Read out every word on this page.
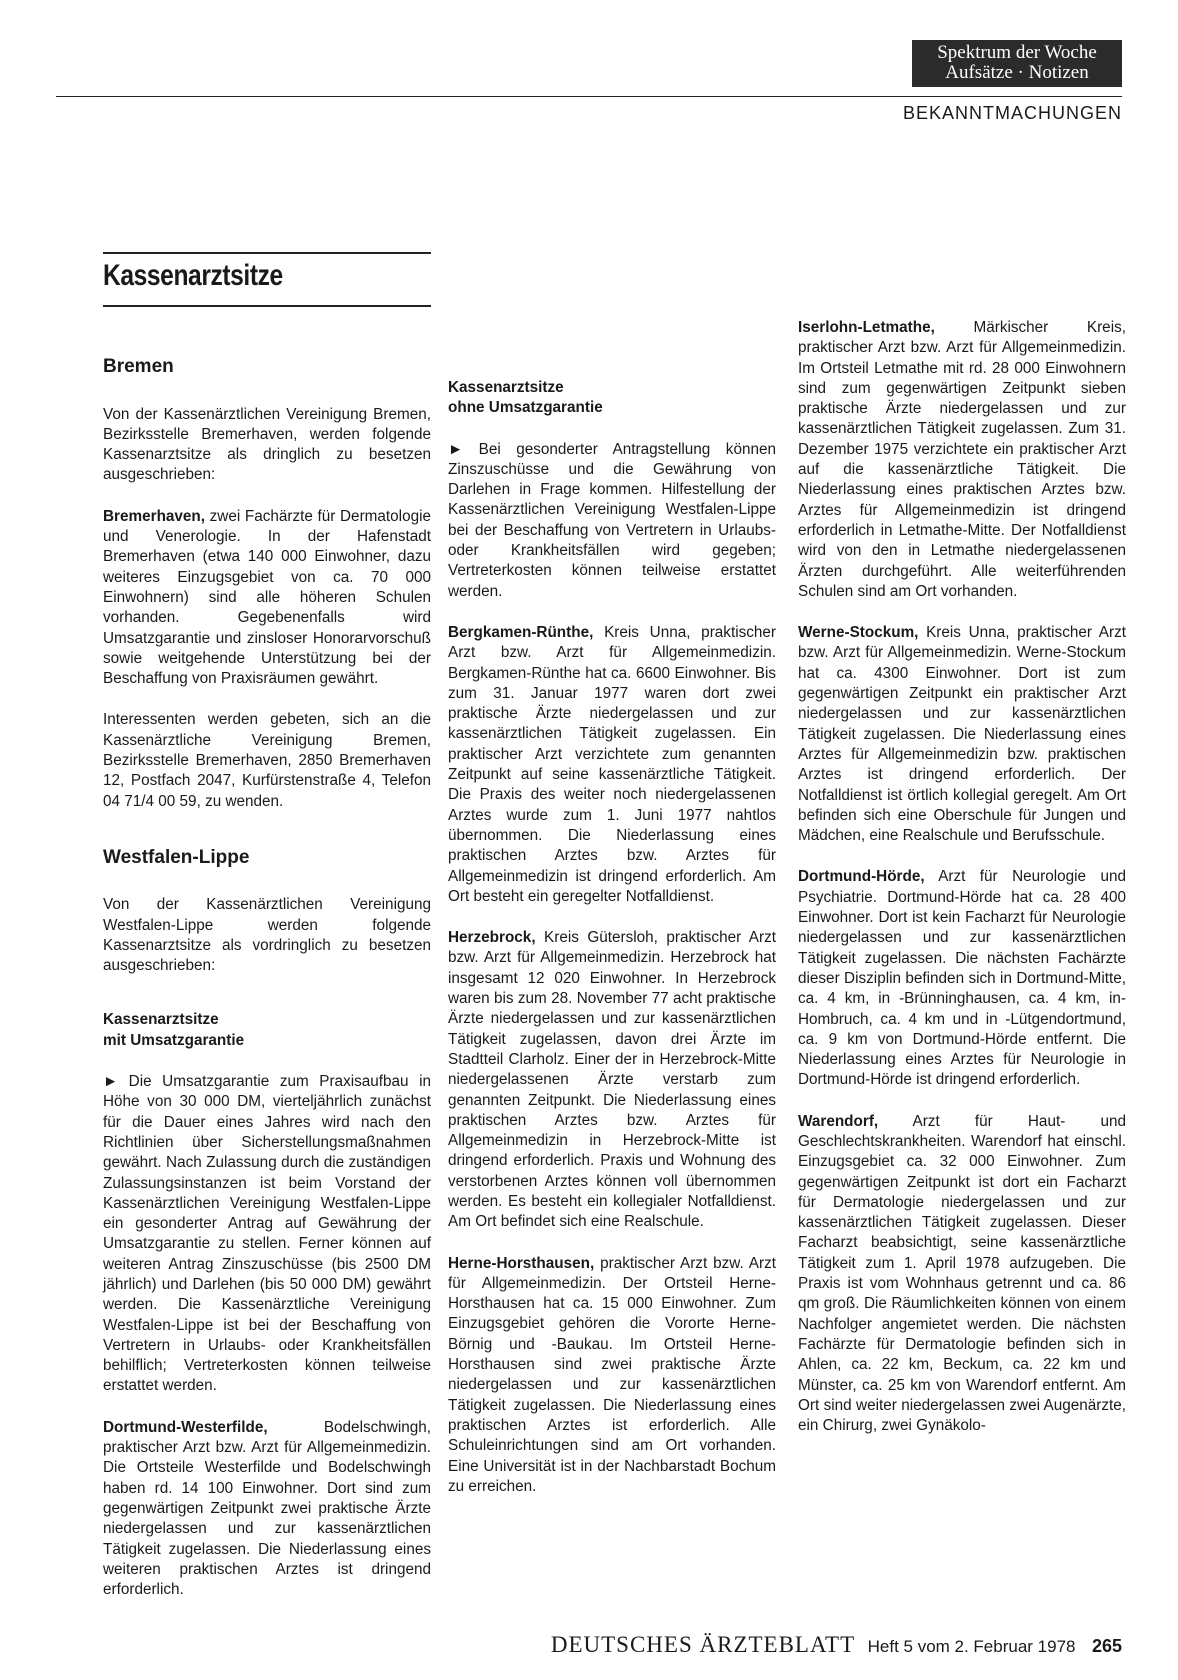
Spektrum der Woche
Aufsätze · Notizen
BEKANNTMACHUNGEN
Kassenarztsitze
Bremen

Von der Kassenärztlichen Vereinigung Bremen, Bezirksstelle Bremerhaven, werden folgende Kassenarztsitze als dringlich zu besetzen ausgeschrieben:

Bremerhaven, zwei Fachärzte für Dermatologie und Venerologie. In der Hafenstadt Bremerhaven (etwa 140 000 Einwohner, dazu weiteres Einzugsgebiet von ca. 70 000 Einwohnern) sind alle höheren Schulen vorhanden. Gegebenenfalls wird Umsatzgarantie und zinsloser Honorarvorschuß sowie weitgehende Unterstützung bei der Beschaffung von Praxisräumen gewährt.

Interessenten werden gebeten, sich an die Kassenärztliche Vereinigung Bremen, Bezirksstelle Bremerhaven, 2850 Bremerhaven 12, Postfach 2047, Kurfürstenstraße 4, Telefon 04 71/4 00 59, zu wenden.

Westfalen-Lippe

Von der Kassenärztlichen Vereinigung Westfalen-Lippe werden folgende Kassenarztsitze als vordringlich zu besetzen ausgeschrieben:

Kassenarztsitze
mit Umsatzgarantie

► Die Umsatzgarantie zum Praxisaufbau in Höhe von 30 000 DM, vierteljährlich zunächst für die Dauer eines Jahres wird nach den Richtlinien über Sicherstellungsmaßnahmen gewährt. Nach Zulassung durch die zuständigen Zulassungsinstanzen ist beim Vorstand der Kassenärztlichen Vereinigung Westfalen-Lippe ein gesonderter Antrag auf Gewährung der Umsatzgarantie zu stellen. Ferner können auf weiteren Antrag Zinszuschüsse (bis 2500 DM jährlich) und Darlehen (bis 50 000 DM) gewährt werden. Die Kassenärztliche Vereinigung Westfalen-Lippe ist bei der Beschaffung von Vertretern in Urlaubs- oder Krankheitsfällen behilflich; Vertreterkosten können teilweise erstattet werden.

Dortmund-Westerfilde, Bodelschwingh, praktischer Arzt bzw. Arzt für Allgemeinmedizin. Die Ortsteile Westerfilde und Bodelschwingh haben rd. 14 100 Einwohner. Dort sind zum gegenwärtigen Zeitpunkt zwei praktische Ärzte niedergelassen und zur kassenärztlichen Tätigkeit zugelassen. Die Niederlassung eines weiteren praktischen Arztes ist dringend erforderlich.

Kassenarztsitze
ohne Umsatzgarantie

► Bei gesonderter Antragstellung können Zinszuschüsse und die Gewährung von Darlehen in Frage kommen. Hilfestellung der Kassenärztlichen Vereinigung Westfalen-Lippe bei der Beschaffung von Vertretern in Urlaubs- oder Krankheitsfällen wird gegeben; Vertreterkosten können teilweise erstattet werden.

Bergkamen-Rünthe, Kreis Unna, praktischer Arzt bzw. Arzt für Allgemeinmedizin. Bergkamen-Rünthe hat ca. 6600 Einwohner. Bis zum 31. Januar 1977 waren dort zwei praktische Ärzte niedergelassen und zur kassenärztlichen Tätigkeit zugelassen. Ein praktischer Arzt verzichtete zum genannten Zeitpunkt auf seine kassenärztliche Tätigkeit. Die Praxis des weiter noch niedergelassenen Arztes wurde zum 1. Juni 1977 nahtlos übernommen. Die Niederlassung eines praktischen Arztes bzw. Arztes für Allgemeinmedizin ist dringend erforderlich. Am Ort besteht ein geregelter Notfalldienst.

Herzebrock, Kreis Gütersloh, praktischer Arzt bzw. Arzt für Allgemeinmedizin. Herzebrock hat insgesamt 12 020 Einwohner. In Herzebrock waren bis zum 28. November 77 acht praktische Ärzte niedergelassen und zur kassenärztlichen Tätigkeit zugelassen, davon drei Ärzte im Stadtteil Clarholz. Einer der in Herzebrock-Mitte niedergelassenen Ärzte verstarb zum genannten Zeitpunkt. Die Niederlassung eines praktischen Arztes bzw. Arztes für Allgemeinmedizin in Herzebrock-Mitte ist dringend erforderlich. Praxis und Wohnung des verstorbenen Arztes können voll übernommen werden. Es besteht ein kollegialer Notfalldienst. Am Ort befindet sich eine Realschule.

Herne-Horsthausen, praktischer Arzt bzw. Arzt für Allgemeinmedizin. Der Ortsteil Herne-Horsthausen hat ca. 15 000 Einwohner. Zum Einzugsgebiet gehören die Vororte Herne-Börnig und -Baukau. Im Ortsteil Herne-Horsthausen sind zwei praktische Ärzte niedergelassen und zur kassenärztlichen Tätigkeit zugelassen. Die Niederlassung eines praktischen Arztes ist erforderlich. Alle Schuleinrichtungen sind am Ort vorhanden. Eine Universität ist in der Nachbarstadt Bochum zu erreichen.

Iserlohn-Letmathe, Märkischer Kreis, praktischer Arzt bzw. Arzt für Allgemeinmedizin. Im Ortsteil Letmathe mit rd. 28 000 Einwohnern sind zum gegenwärtigen Zeitpunkt sieben praktische Ärzte niedergelassen und zur kassenärztlichen Tätigkeit zugelassen. Zum 31. Dezember 1975 verzichtete ein praktischer Arzt auf die kassenärztliche Tätigkeit. Die Niederlassung eines praktischen Arztes bzw. Arztes für Allgemeinmedizin ist dringend erforderlich in Letmathe-Mitte. Der Notfalldienst wird von den in Letmathe niedergelassenen Ärzten durchgeführt. Alle weiterführenden Schulen sind am Ort vorhanden.

Werne-Stockum, Kreis Unna, praktischer Arzt bzw. Arzt für Allgemeinmedizin. Werne-Stockum hat ca. 4300 Einwohner. Dort ist zum gegenwärtigen Zeitpunkt ein praktischer Arzt niedergelassen und zur kassenärztlichen Tätigkeit zugelassen. Die Niederlassung eines Arztes für Allgemeinmedizin bzw. praktischen Arztes ist dringend erforderlich. Der Notfalldienst ist örtlich kollegial geregelt. Am Ort befinden sich eine Oberschule für Jungen und Mädchen, eine Realschule und Berufsschule.

Dortmund-Hörde, Arzt für Neurologie und Psychiatrie. Dortmund-Hörde hat ca. 28 400 Einwohner. Dort ist kein Facharzt für Neurologie niedergelassen und zur kassenärztlichen Tätigkeit zugelassen. Die nächsten Fachärzte dieser Disziplin befinden sich in Dortmund-Mitte, ca. 4 km, in -Brünninghausen, ca. 4 km, in-Hombruch, ca. 4 km und in -Lütgendortmund, ca. 9 km von Dortmund-Hörde entfernt. Die Niederlassung eines Arztes für Neurologie in Dortmund-Hörde ist dringend erforderlich.

Warendorf, Arzt für Haut- und Geschlechtskrankheiten. Warendorf hat einschl. Einzugsgebiet ca. 32 000 Einwohner. Zum gegenwärtigen Zeitpunkt ist dort ein Facharzt für Dermatologie niedergelassen und zur kassenärztlichen Tätigkeit zugelassen. Dieser Facharzt beabsichtigt, seine kassenärztliche Tätigkeit zum 1. April 1978 aufzugeben. Die Praxis ist vom Wohnhaus getrennt und ca. 86 qm groß. Die Räumlichkeiten können von einem Nachfolger angemietet werden. Die nächsten Fachärzte für Dermatologie befinden sich in Ahlen, ca. 22 km, Beckum, ca. 22 km und Münster, ca. 25 km von Warendorf entfernt. Am Ort sind weiter niedergelassen zwei Augenärzte, ein Chirurg, zwei Gynäkolo-

DEUTSCHES ÄRZTEBLATT Heft 5 vom 2. Februar 1978 265
